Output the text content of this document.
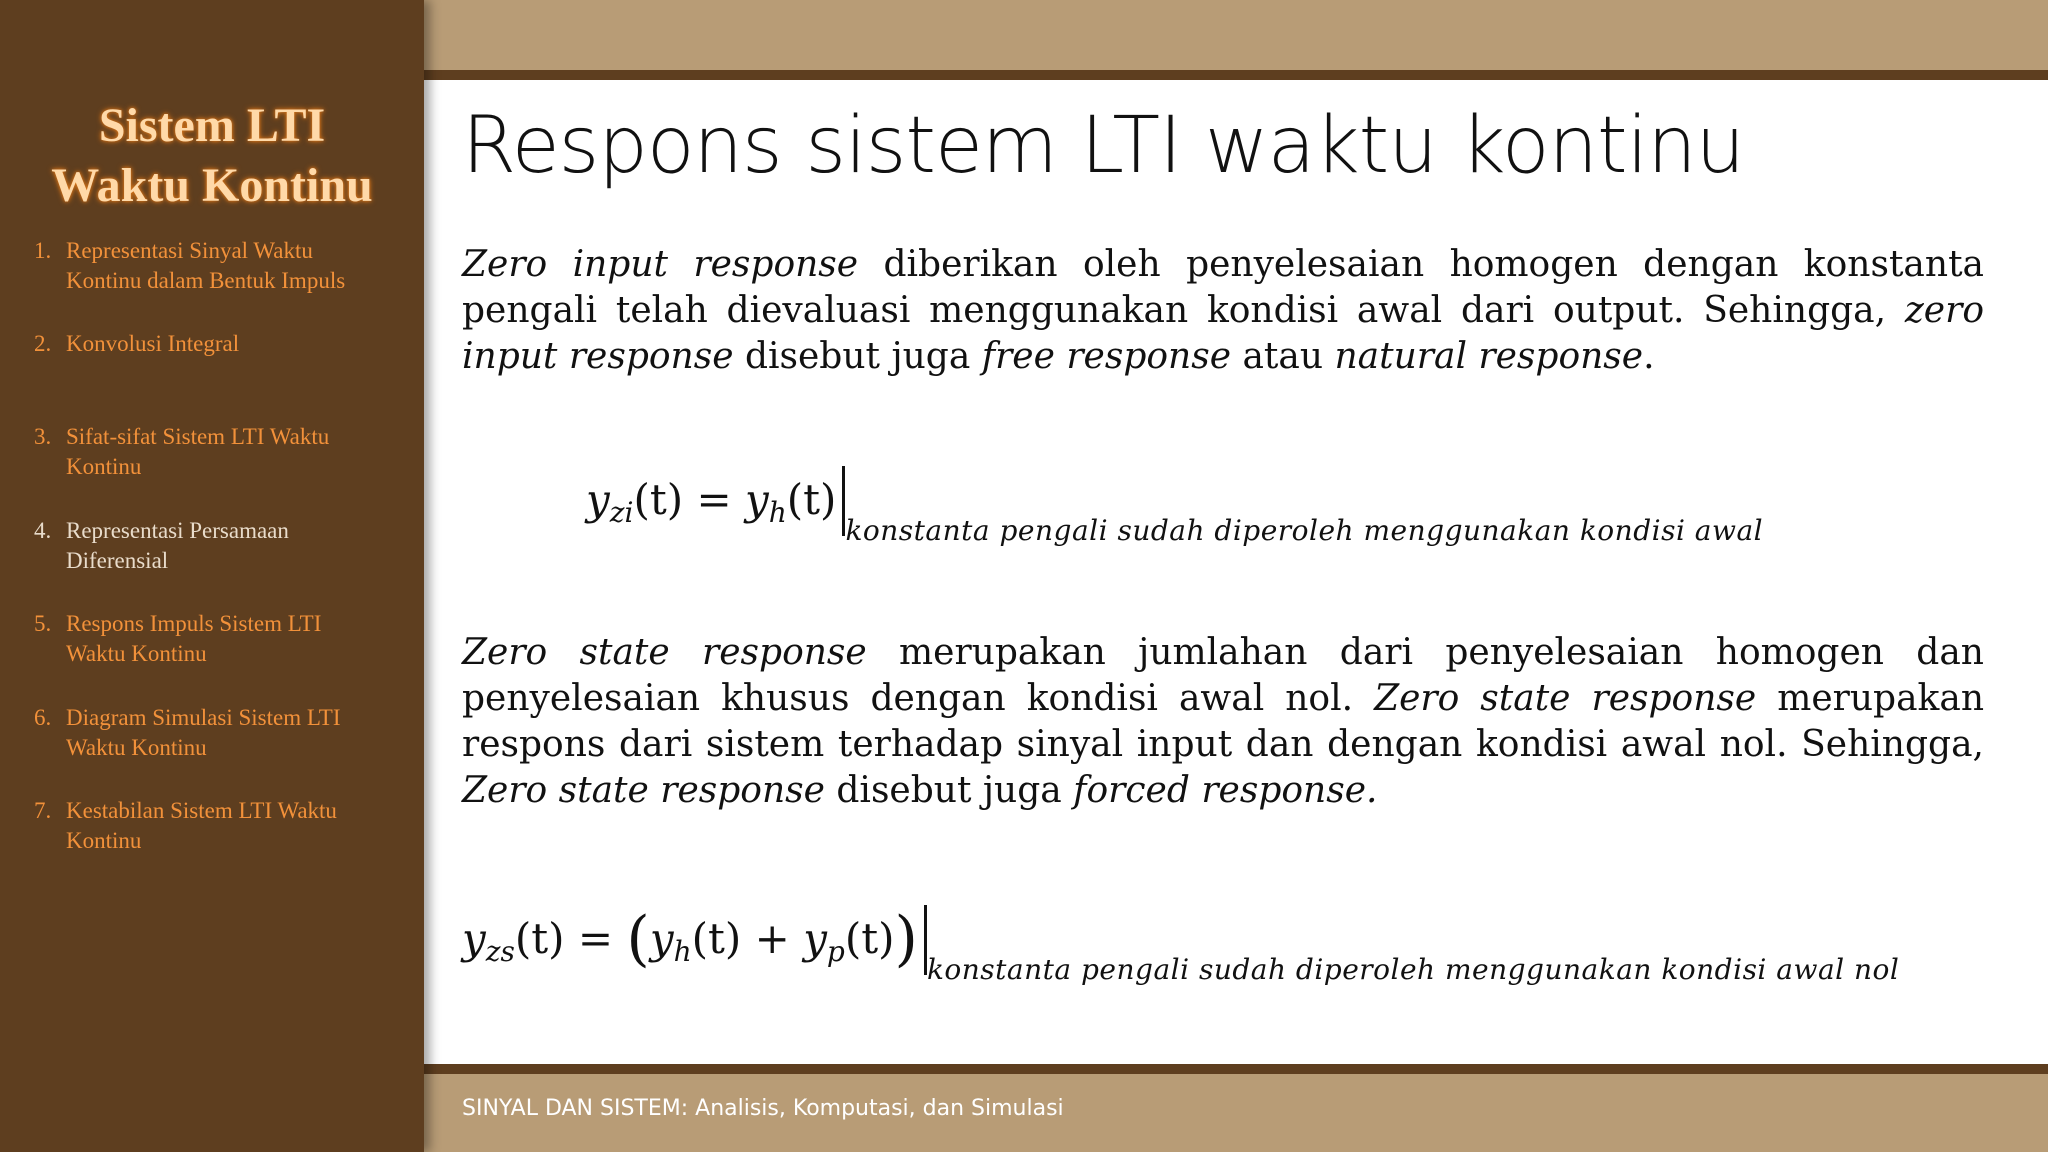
Sistem LTI
Waktu Kontinu
1. Representasi Sinyal Waktu
Kontinu dalam Bentuk Impuls
2. Konvolusi Integral
3. Sifat-sifat Sistem LTI Waktu
Kontinu
4. Representasi Persamaan
Diferensial
5. Respons Impuls Sistem LTI
Waktu Kontinu
6. Diagram Simulasi Sistem LTI
Waktu Kontinu
7. Kestabilan Sistem LTI Waktu
Kontinu
Respons sistem LTI waktu kontinu
Zero input response diberikan oleh penyelesaian homogen dengan konstanta pengali telah dievaluasi menggunakan kondisi awal dari output. Sehingga, zero input response disebut juga free response atau natural response.
yzi(t) = yh(t)konstanta pengali sudah diperoleh menggunakan kondisi awal
Zero state response merupakan jumlahan dari penyelesaian homogen dan penyelesaian khusus dengan kondisi awal nol. Zero state response merupakan respons dari sistem terhadap sinyal input dan dengan kondisi awal nol. Sehingga, Zero state response disebut juga forced response.
yzs(t) = (yh(t) + yp(t)) konstanta pengali sudah diperoleh menggunakan kondisi awal nol
SINYAL DAN SISTEM: Analisis, Komputasi, dan Simulasi
